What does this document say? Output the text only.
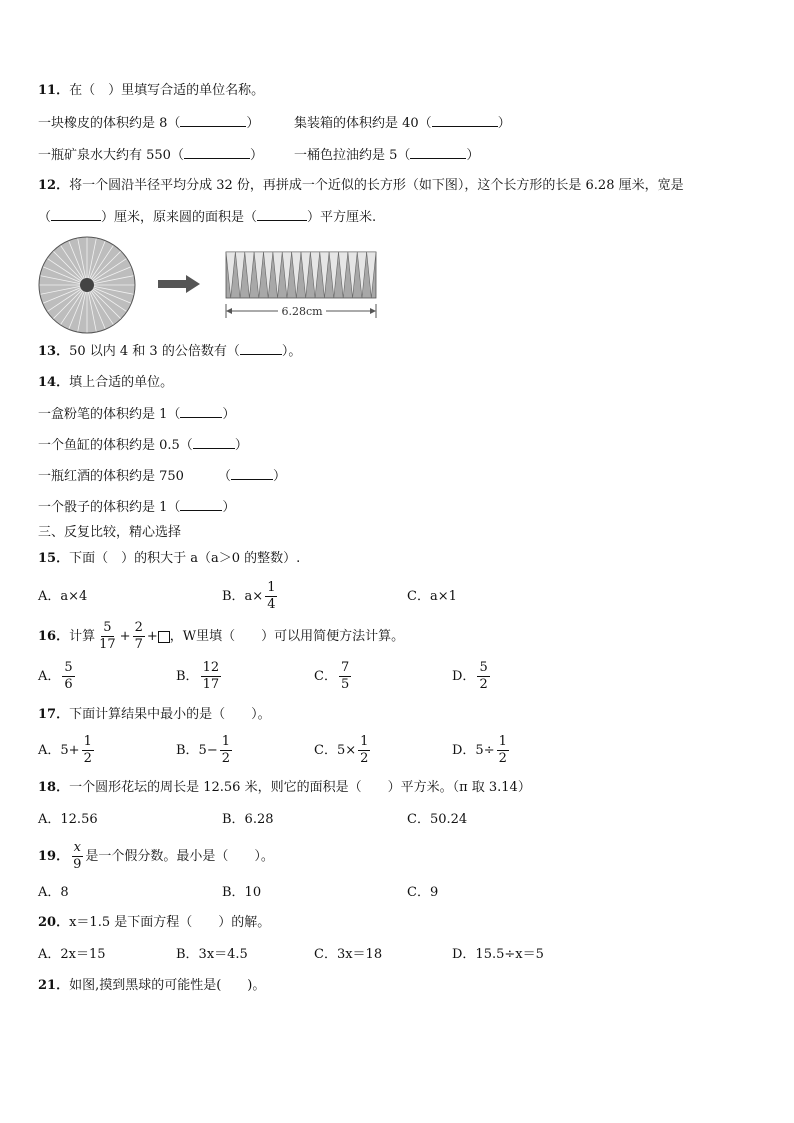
11．在（　）里填写合适的单位名称。
一块橡皮的体积约是 8（	）	集装箱的体积约是 40（	）
一瓶矿泉水大约有 550（	） 一桶色拉油约是 5（	）
12．将一个圆沿半径平均分成 32 份，再拼成一个近似的长方形（如下图），这个长方形的长是 6.28 厘米，宽是
（	）厘米，原来圆的面积是（	）平方厘米.
6.28cm
13．50 以内 4 和 3 的公倍数有（	）。
14．填上合适的单位。
一盒粉笔的体积约是 1（	）
一个鱼缸的体积约是 0.5（	）
一瓶红酒的体积约是 750	（	）
一个骰子的体积约是 1（	）
三、反复比较，精心选择
15．下面（　）的积大于 a（a＞0 的整数）.
A．a×4	B．$a\times \frac{1}{4}$	C．a×1
16．计算 $\frac{5}{17} + \frac{2}{7}$ + ，W里填（　　）可以用简便方法计算。
A． $\frac{5}{6}$	B． $\frac{12}{17}$	C． $\frac{7}{5}$	D． $\frac{5}{2}$
17．下面计算结果中最小的是（　　）。
A．$5+ \frac{1}{2}$	B．$5- \frac{1}{2}$	C．$5\times \frac{1}{2}$	D．$5\div \frac{1}{2}$
18．一个圆形花坛的周长是 12.56 米，则它的面积是（　　）平方米。（π 取 3.14）
A．12.56	B．6.28	C．50.24
19． $\frac{x}{9}$ 是一个假分数。最小是（　　）。
A．8	B．10	C．9
20．x＝1.5 是下面方程（　　）的解。
A．2x＝15	B．3x＝4.5	C．3x＝18	D．15.5÷x＝5
21．如图,摸到黑球的可能性是(　　)。
